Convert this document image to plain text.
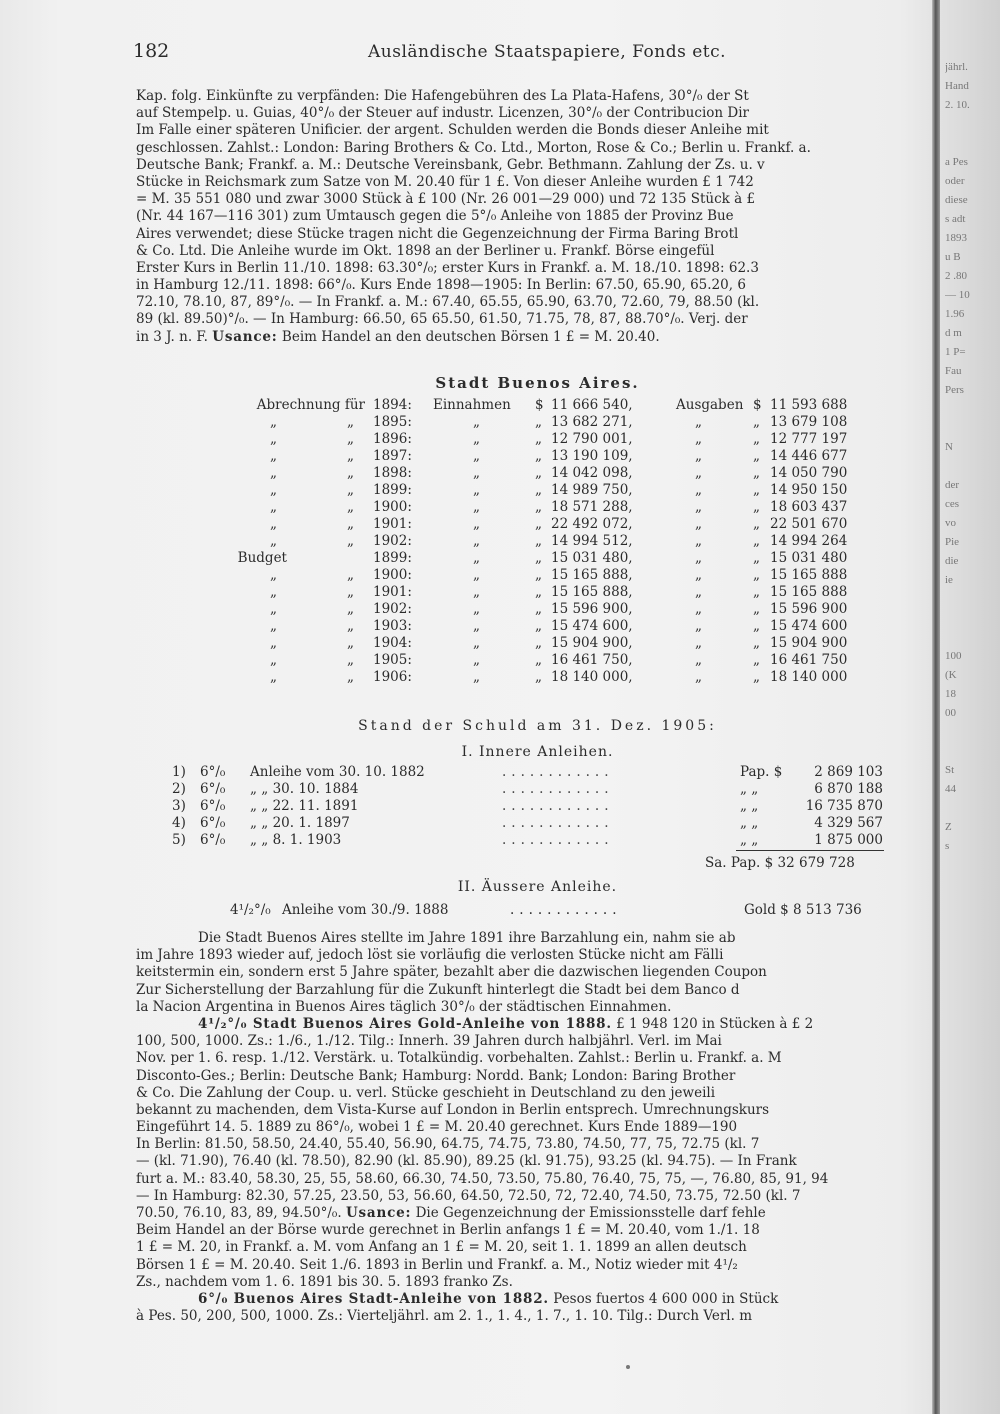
jährl.
Hand
2. 10.
a Pes
oder
diese
s adt
1893
u B
2 .80
— 10
1.96
d m
1 P=
Fau
Pers
N
der
ces
vo
Pie
die
ie
100
(K
18
00
St
44
Z
s
182	Ausländische Staatspapiere, Fonds etc.
Kap. folg. Einkünfte zu verpfänden: Die Hafengebühren des La Plata-Hafens, 30°/₀ der St
auf Stempelp. u. Guias, 40°/₀ der Steuer auf industr. Licenzen, 30°/₀ der Contribucion Dir
Im Falle einer späteren Unificier. der argent. Schulden werden die Bonds dieser Anleihe mit
geschlossen. Zahlst.: London: Baring Brothers & Co. Ltd., Morton, Rose & Co.; Berlin u. Frankf. a.
Deutsche Bank; Frankf. a. M.: Deutsche Vereinsbank, Gebr. Bethmann. Zahlung der Zs. u. v
Stücke in Reichsmark zum Satze von M. 20.40 für 1 £. Von dieser Anleihe wurden £ 1 742
= M. 35 551 080 und zwar 3000 Stück à £ 100 (Nr. 26 001—29 000) und 72 135 Stück à £
(Nr. 44 167—116 301) zum Umtausch gegen die 5°/₀ Anleihe von 1885 der Provinz Bue
Aires verwendet; diese Stücke tragen nicht die Gegenzeichnung der Firma Baring Brotl
& Co. Ltd. Die Anleihe wurde im Okt. 1898 an der Berliner u. Frankf. Börse eingefül
Erster Kurs in Berlin 11./10. 1898: 63.30°/₀; erster Kurs in Frankf. a. M. 18./10. 1898: 62.3
in Hamburg 12./11. 1898: 66°/₀. Kurs Ende 1898—1905: In Berlin: 67.50, 65.90, 65.20, 6
72.10, 78.10, 87, 89°/₀. — In Frankf. a. M.: 67.40, 65.55, 65.90, 63.70, 72.60, 79, 88.50 (kl.
89 (kl. 89.50)°/₀. — In Hamburg: 66.50, 65 65.50, 61.50, 71.75, 78, 87, 88.70°/₀. Verj. der
in 3 J. n. F. Usance: Beim Handel an den deutschen Börsen 1 £ = M. 20.40.
Stadt Buenos Aires.
Abrechnung für 1894:	Einnahmen $ 11 666 540,	Ausgaben $ 11 593 688
„	„ 1895:	„	„ 13 682 271,	„	„ 13 679 108
„	„ 1896:	„	„ 12 790 001,	„	„ 12 777 197
„	„ 1897:	„	„ 13 190 109,	„	„ 14 446 677
„	„ 1898:	„	„ 14 042 098,	„	„ 14 050 790
„	„ 1899:	„	„ 14 989 750,	„	„ 14 950 150
„	„ 1900:	„	„ 18 571 288,	„	„ 18 603 437
„	„ 1901:	„	„ 22 492 072,	„	„ 22 501 670
„	„ 1902:	„	„ 14 994 512,	„	„ 14 994 264
Budget	1899:	„	„ 15 031 480,	„	„ 15 031 480
„	„ 1900:	„	„ 15 165 888,	„	„ 15 165 888
„	„ 1901:	„	„ 15 165 888,	„	„ 15 165 888
„	„ 1902:	„	„ 15 596 900,	„	„ 15 596 900
„	„ 1903:	„	„ 15 474 600,	„	„ 15 474 600
„	„ 1904:	„	„ 15 904 900,	„	„ 15 904 900
„	„ 1905:	„	„ 16 461 750,	„	„ 16 461 750
„	„ 1906:	„	„ 18 140 000,	„	„ 18 140 000
Stand der Schuld am 31. Dez. 1905:
I. Innere Anleihen.
1) 6°/₀ Anleihe vom 30. 10. 1882	Pap. $	2 869 103
............
2) 6°/₀ „ „ 30. 10. 1884	„ „	6 870 188
............
3) 6°/₀ „ „ 22. 11. 1891	„ „	16 735 870
............
4) 6°/₀ „ „ 20. 1. 1897	„ „	4 329 567
............
5) 6°/₀ „ „ 8. 1. 1903	„ „	1 875 000
............
Sa. Pap. $ 32 679 728
II. Äussere Anleihe.
4¹/₂°/₀ Anleihe vom 30./9. 1888	............	Gold $ 8 513 736
Die Stadt Buenos Aires stellte im Jahre 1891 ihre Barzahlung ein, nahm sie ab
im Jahre 1893 wieder auf, jedoch löst sie vorläufig die verlosten Stücke nicht am Fälli
keitstermin ein, sondern erst 5 Jahre später, bezahlt aber die dazwischen liegenden Coupon
Zur Sicherstellung der Barzahlung für die Zukunft hinterlegt die Stadt bei dem Banco d
la Nacion Argentina in Buenos Aires täglich 30°/₀ der städtischen Einnahmen.
4¹/₂°/₀ Stadt Buenos Aires Gold-Anleihe von 1888. £ 1 948 120 in Stücken à £ 2
100, 500, 1000. Zs.: 1./6., 1./12. Tilg.: Innerh. 39 Jahren durch halbjährl. Verl. im Mai
Nov. per 1. 6. resp. 1./12. Verstärk. u. Totalkündig. vorbehalten. Zahlst.: Berlin u. Frankf. a. M
Disconto-Ges.; Berlin: Deutsche Bank; Hamburg: Nordd. Bank; London: Baring Brother
& Co. Die Zahlung der Coup. u. verl. Stücke geschieht in Deutschland zu den jeweili
bekannt zu machenden, dem Vista-Kurse auf London in Berlin entsprech. Umrechnungskurs
Eingeführt 14. 5. 1889 zu 86°/₀, wobei 1 £ = M. 20.40 gerechnet. Kurs Ende 1889—190
In Berlin: 81.50, 58.50, 24.40, 55.40, 56.90, 64.75, 74.75, 73.80, 74.50, 77, 75, 72.75 (kl. 7
— (kl. 71.90), 76.40 (kl. 78.50), 82.90 (kl. 85.90), 89.25 (kl. 91.75), 93.25 (kl. 94.75). — In Frank
furt a. M.: 83.40, 58.30, 25, 55, 58.60, 66.30, 74.50, 73.50, 75.80, 76.40, 75, 75, —, 76.80, 85, 91, 94
— In Hamburg: 82.30, 57.25, 23.50, 53, 56.60, 64.50, 72.50, 72, 72.40, 74.50, 73.75, 72.50 (kl. 7
70.50, 76.10, 83, 89, 94.50°/₀. Usance: Die Gegenzeichnung der Emissionsstelle darf fehle
Beim Handel an der Börse wurde gerechnet in Berlin anfangs 1 £ = M. 20.40, vom 1./1. 18
1 £ = M. 20, in Frankf. a. M. vom Anfang an 1 £ = M. 20, seit 1. 1. 1899 an allen deutsch
Börsen 1 £ = M. 20.40. Seit 1./6. 1893 in Berlin und Frankf. a. M., Notiz wieder mit 4¹/₂
Zs., nachdem vom 1. 6. 1891 bis 30. 5. 1893 franko Zs.
6°/₀ Buenos Aires Stadt-Anleihe von 1882. Pesos fuertos 4 600 000 in Stück
à Pes. 50, 200, 500, 1000. Zs.: Vierteljährl. am 2. 1., 1. 4., 1. 7., 1. 10. Tilg.: Durch Verl. m
